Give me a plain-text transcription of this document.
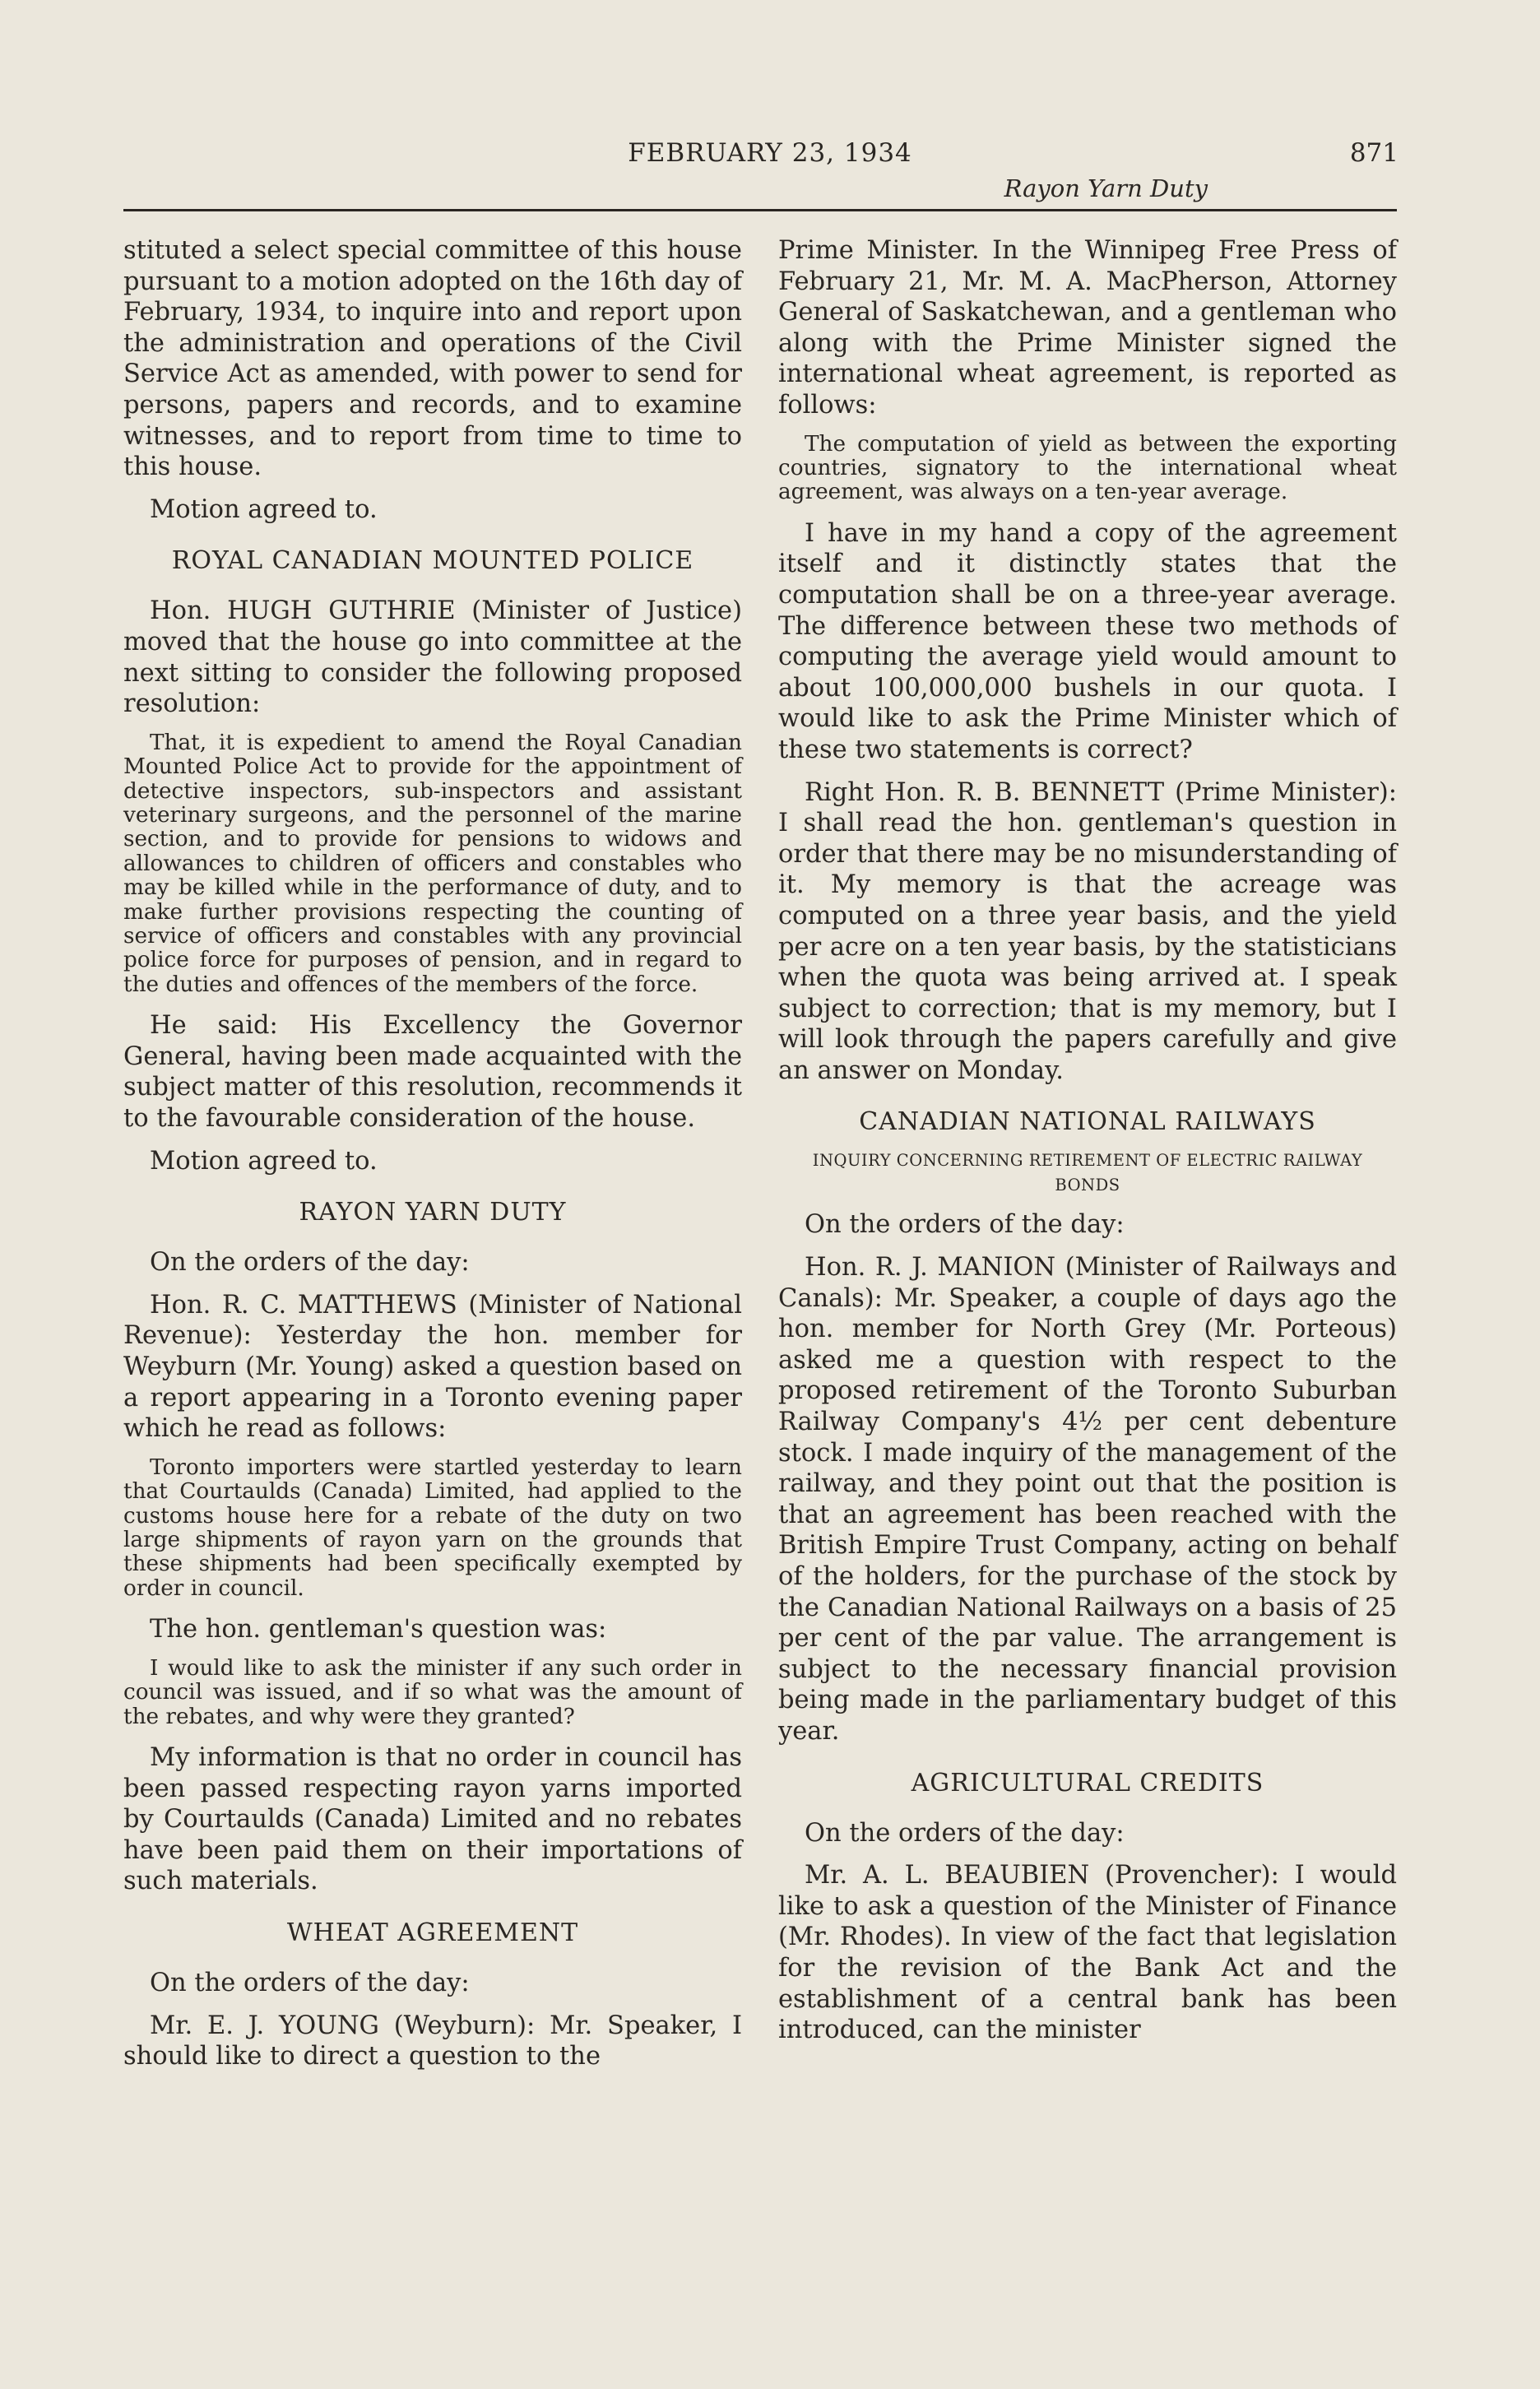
FEBRUARY 23, 1934	871
Rayon Yarn Duty

stituted a select special committee of this house pursuant to a motion adopted on the 16th day of February, 1934, to inquire into and report upon the administration and operations of the Civil Service Act as amended, with power to send for persons, papers and records, and to examine witnesses, and to report from time to time to this house.

Motion agreed to.

ROYAL CANADIAN MOUNTED POLICE

Hon. HUGH GUTHRIE (Minister of Justice) moved that the house go into committee at the next sitting to consider the following proposed resolution:

That, it is expedient to amend the Royal Canadian Mounted Police Act to provide for the appointment of detective inspectors, sub-inspectors and assistant veterinary surgeons, and the personnel of the marine section, and to provide for pensions to widows and allowances to children of officers and constables who may be killed while in the performance of duty, and to make further provisions respecting the counting of service of officers and constables with any provincial police force for purposes of pension, and in regard to the duties and offences of the members of the force.

He said: His Excellency the Governor General, having been made acquainted with the subject matter of this resolution, recommends it to the favourable consideration of the house.

Motion agreed to.

RAYON YARN DUTY

On the orders of the day:

Hon. R. C. MATTHEWS (Minister of National Revenue): Yesterday the hon. member for Weyburn (Mr. Young) asked a question based on a report appearing in a Toronto evening paper which he read as follows:

Toronto importers were startled yesterday to learn that Courtaulds (Canada) Limited, had applied to the customs house here for a rebate of the duty on two large shipments of rayon yarn on the grounds that these shipments had been specifically exempted by order in council.

The hon. gentleman's question was:

I would like to ask the minister if any such order in council was issued, and if so what was the amount of the rebates, and why were they granted?

My information is that no order in council has been passed respecting rayon yarns imported by Courtaulds (Canada) Limited and no rebates have been paid them on their importations of such materials.

WHEAT AGREEMENT

On the orders of the day:

Mr. E. J. YOUNG (Weyburn): Mr. Speaker, I should like to direct a question to the

Prime Minister. In the Winnipeg Free Press of February 21, Mr. M. A. MacPherson, Attorney General of Saskatchewan, and a gentleman who along with the Prime Minister signed the international wheat agreement, is reported as follows:

The computation of yield as between the exporting countries, signatory to the international wheat agreement, was always on a ten-year average.

I have in my hand a copy of the agreement itself and it distinctly states that the computation shall be on a three-year average. The difference between these two methods of computing the average yield would amount to about 100,000,000 bushels in our quota. I would like to ask the Prime Minister which of these two statements is correct?

Right Hon. R. B. BENNETT (Prime Minister): I shall read the hon. gentleman's question in order that there may be no misunderstanding of it. My memory is that the acreage was computed on a three year basis, and the yield per acre on a ten year basis, by the statisticians when the quota was being arrived at. I speak subject to correction; that is my memory, but I will look through the papers carefully and give an answer on Monday.

CANADIAN NATIONAL RAILWAYS
INQUIRY CONCERNING RETIREMENT OF ELECTRIC RAILWAY BONDS

On the orders of the day:

Hon. R. J. MANION (Minister of Railways and Canals): Mr. Speaker, a couple of days ago the hon. member for North Grey (Mr. Porteous) asked me a question with respect to the proposed retirement of the Toronto Suburban Railway Company's 4½ per cent debenture stock. I made inquiry of the management of the railway, and they point out that the position is that an agreement has been reached with the British Empire Trust Company, acting on behalf of the holders, for the purchase of the stock by the Canadian National Railways on a basis of 25 per cent of the par value. The arrangement is subject to the necessary financial provision being made in the parliamentary budget of this year.

AGRICULTURAL CREDITS

On the orders of the day:

Mr. A. L. BEAUBIEN (Provencher): I would like to ask a question of the Minister of Finance (Mr. Rhodes). In view of the fact that legislation for the revision of the Bank Act and the establishment of a central bank has been introduced, can the minister
